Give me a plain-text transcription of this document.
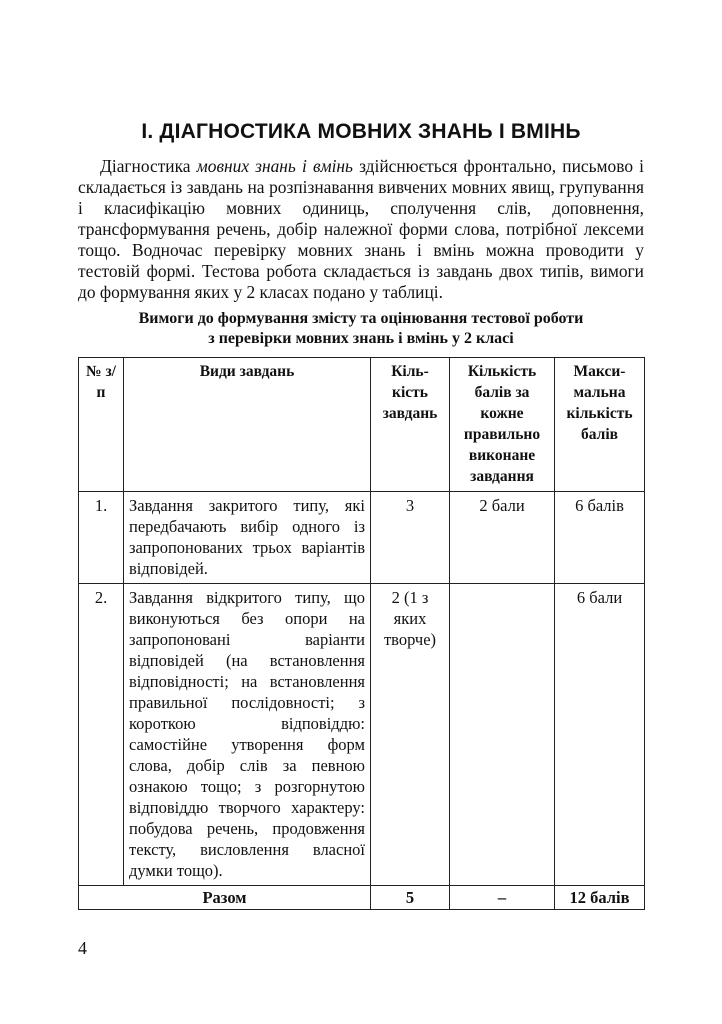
І. ДІАГНОСТИКА МОВНИХ ЗНАНЬ І ВМІНЬ

Діагностика мовних знань і вмінь здійснюється фронтально, письмово і складається із завдань на розпізнавання вивчених мовних явищ, групування і класифікацію мовних одиниць, сполучення слів, доповнення, трансформування речень, добір належної форми слова, потрібної лексеми тощо. Водночас перевірку мовних знань і вмінь можна проводити у тестовій формі. Тестова робота складається із завдань двох типів, вимоги до формування яких у 2 класах подано у таблиці.

Вимоги до формування змісту та оцінювання тестової роботи
з перевірки мовних знань і вмінь у 2 класі
№ з/п	Види завдань	Кіль-кість завдань	Кількість балів за кожне правильно виконане завдання	Макси-мальна кількість балів
1.	Завдання закритого типу, які передбачають вибір одного із запропонованих трьох варіантів відповідей.	3	2 бали	6 балів
2.	Завдання відкритого типу, що виконуються без опори на запропоновані варіанти відповідей (на встановлення відповідності; на встановлення правильної послідовності; з короткою відповіддю: самостійне утворення форм слова, добір слів за певною ознакою тощо; з розгорнутою відповіддю творчого характеру: побудова речень, продовження тексту, висловлення власної думки тощо).	2 (1 з яких творче)		6 бали
Разом		5	–	12 балів
4
